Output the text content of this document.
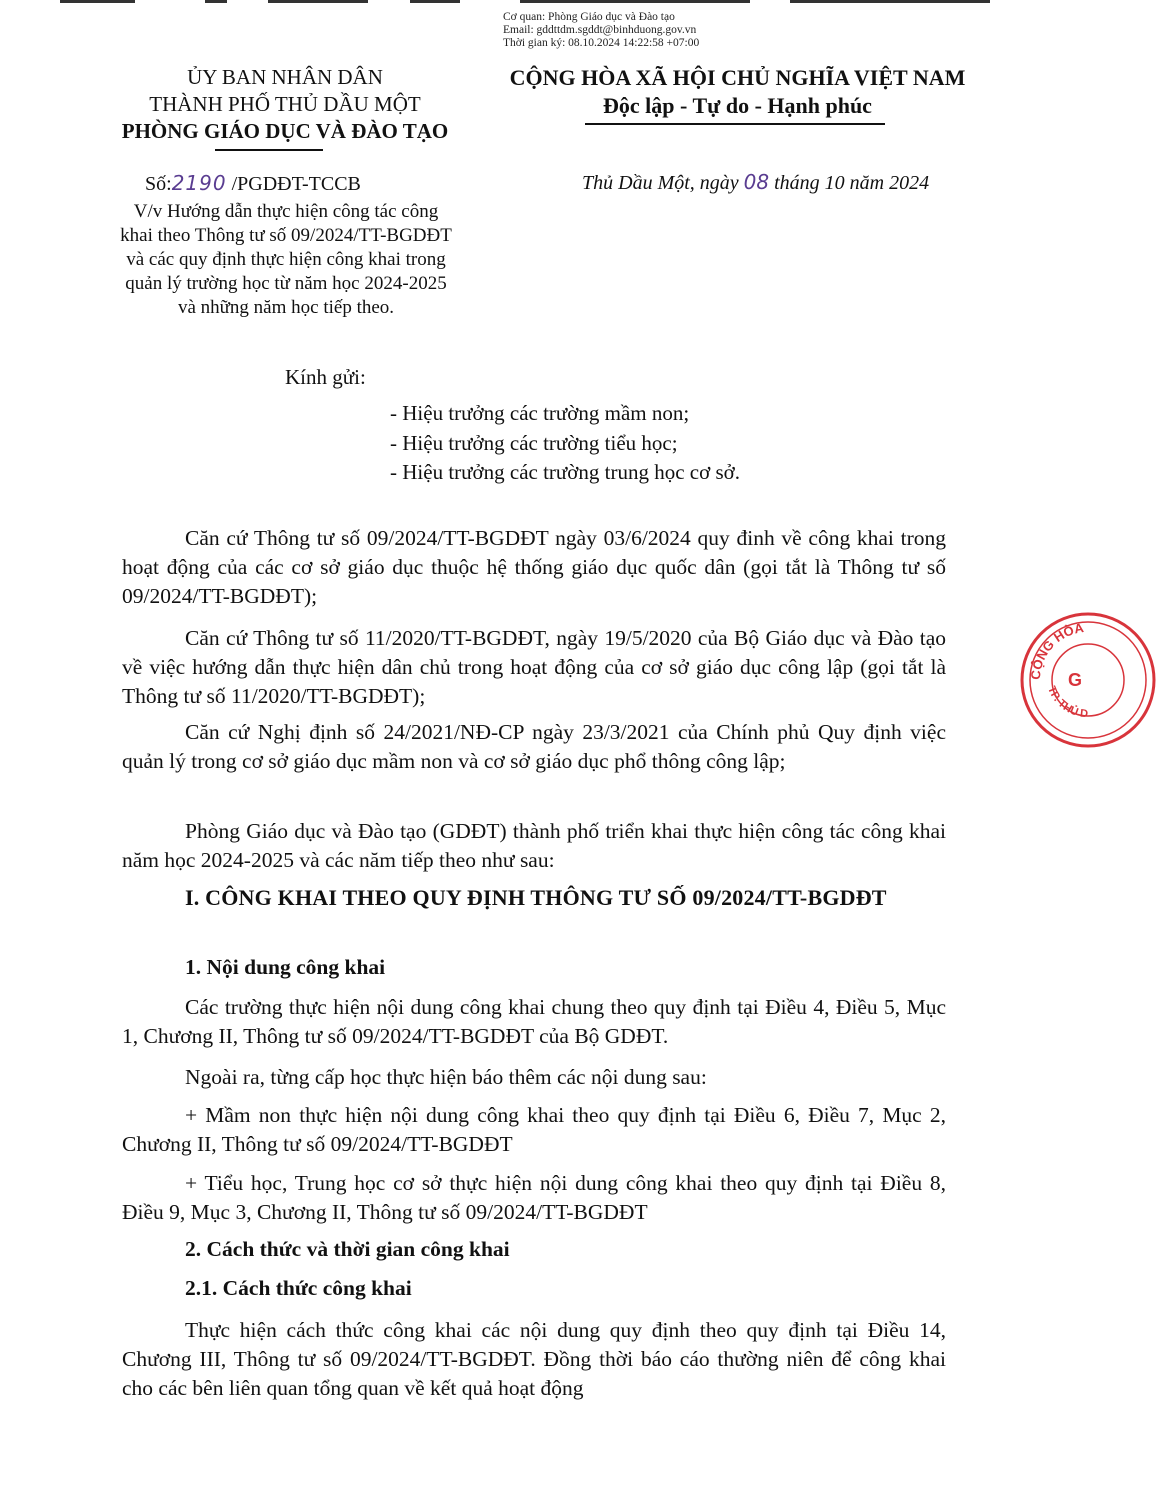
Cơ quan: Phòng Giáo dục và Đào tạo
Email: gddttdm.sgddt@binhduong.gov.vn
Thời gian ký: 08.10.2024 14:22:58 +07:00
ỦY BAN NHÂN DÂN
THÀNH PHỐ THỦ DẦU MỘT
PHÒNG GIÁO DỤC VÀ ĐÀO TẠO
CỘNG HÒA XÃ HỘI CHỦ NGHĨA VIỆT NAM
Độc lập - Tự do - Hạnh phúc
Số:2190 /PGDĐT-TCCB	Thủ Dầu Một, ngày 08 tháng 10 năm 2024
V/v Hướng dẫn thực hiện công tác công
khai theo Thông tư số 09/2024/TT-BGDĐT
và các quy định thực hiện công khai trong
quản lý trường học từ năm học 2024-2025
và những năm học tiếp theo.
Kính gửi:
- Hiệu trưởng các trường mầm non;
- Hiệu trưởng các trường tiểu học;
- Hiệu trưởng các trường trung học cơ sở.
Căn cứ Thông tư số 09/2024/TT-BGDĐT ngày 03/6/2024 quy đinh về công khai trong hoạt động của các cơ sở giáo dục thuộc hệ thống giáo dục quốc dân (gọi tắt là Thông tư số 09/2024/TT-BGDĐT);
Căn cứ Thông tư số 11/2020/TT-BGDĐT, ngày 19/5/2020 của Bộ Giáo dục và Đào tạo về việc hướng dẫn thực hiện dân chủ trong hoạt động của cơ sở giáo dục công lập (gọi tắt là Thông tư số 11/2020/TT-BGDĐT);
Căn cứ Nghị định số 24/2021/NĐ-CP ngày 23/3/2021 của Chính phủ Quy định việc quản lý trong cơ sở giáo dục mầm non và cơ sở giáo dục phổ thông công lập;
Phòng Giáo dục và Đào tạo (GDĐT) thành phố triển khai thực hiện công tác công khai năm học 2024-2025 và các năm tiếp theo như sau:
I. CÔNG KHAI THEO QUY ĐỊNH THÔNG TƯ SỐ 09/2024/TT-BGDĐT
1. Nội dung công khai
Các trường thực hiện nội dung công khai chung theo quy định tại Điều 4, Điều 5, Mục 1, Chương II, Thông tư số 09/2024/TT-BGDĐT của Bộ GDĐT.
Ngoài ra, từng cấp học thực hiện báo thêm các nội dung sau:
+ Mầm non thực hiện nội dung công khai theo quy định tại Điều 6, Điều 7, Mục 2, Chương II, Thông tư số 09/2024/TT-BGDĐT
+ Tiểu học, Trung học cơ sở thực hiện nội dung công khai theo quy định tại Điều 8, Điều 9, Mục 3, Chương II, Thông tư số 09/2024/TT-BGDĐT
2. Cách thức và thời gian công khai
2.1. Cách thức công khai
Thực hiện cách thức công khai các nội dung quy định theo quy định tại Điều 14, Chương III, Thông tư số 09/2024/TT-BGDĐT. Đồng thời báo cáo thường niên để công khai cho các bên liên quan tổng quan về kết quả hoạt động
CỘNG HÒA
TP. THỦ D
G
